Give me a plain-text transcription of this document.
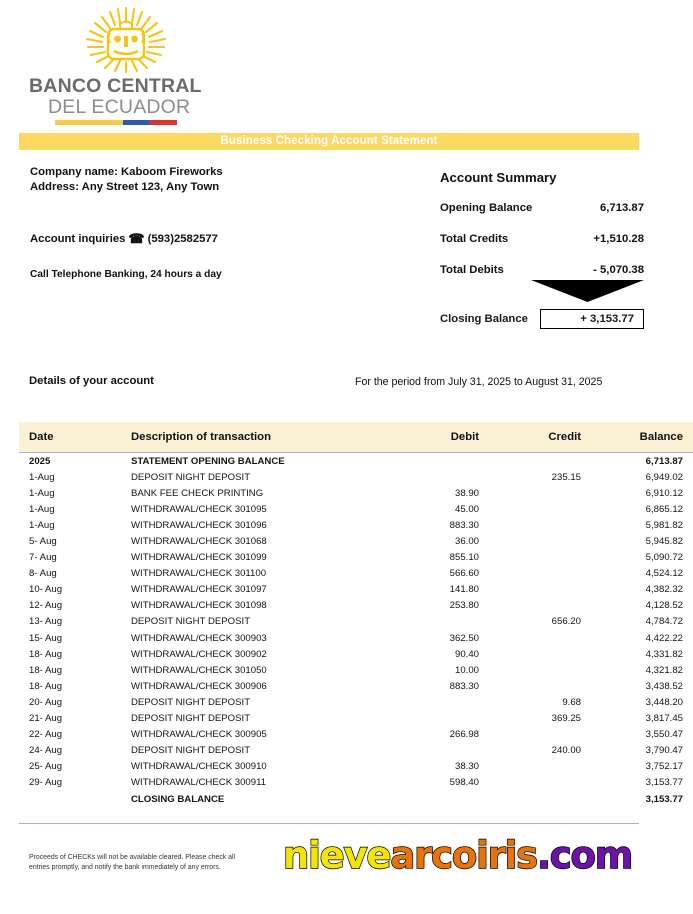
BANCO CENTRAL
DEL ECUADOR
Business Checking Account Statement
Company name: Kaboom Fireworks
Address: Any Street 123, Any Town
Account inquiries ☎ (593)2582577
Call Telephone Banking, 24 hours a day
Account Summary
Opening Balance	6,713.87
Total Credits	+1,510.28
Total Debits	- 5,070.38
Closing Balance	+ 3,153.77
Details of your account	For the period from July 31, 2025 to August 31, 2025
Date	Description of transaction	Debit	Credit	Balance
2025	STATEMENT OPENING BALANCE			6,713.87
1-Aug	DEPOSIT NIGHT DEPOSIT		235.15	6,949.02
1-Aug	BANK FEE CHECK PRINTING	38.90		6,910.12
1-Aug	WITHDRAWAL/CHECK 301095	45.00		6,865.12
1-Aug	WITHDRAWAL/CHECK 301096	883.30		5,981.82
5- Aug	WITHDRAWAL/CHECK 301068	36.00		5,945.82
7- Aug	WITHDRAWAL/CHECK 301099	855.10		5,090.72
8- Aug	WITHDRAWAL/CHECK 301100	566.60		4,524.12
10- Aug	WITHDRAWAL/CHECK 301097	141.80		4,382.32
12- Aug	WITHDRAWAL/CHECK 301098	253.80		4,128.52
13- Aug	DEPOSIT NIGHT DEPOSIT		656.20	4,784.72
15- Aug	WITHDRAWAL/CHECK 300903	362.50		4,422.22
18- Aug	WITHDRAWAL/CHECK 300902	90.40		4,331.82
18- Aug	WITHDRAWAL/CHECK 301050	10.00		4,321.82
18- Aug	WITHDRAWAL/CHECK 300906	883.30		3,438.52
20- Aug	DEPOSIT NIGHT DEPOSIT		9.68	3,448.20
21- Aug	DEPOSIT NIGHT DEPOSIT		369.25	3,817.45
22- Aug	WITHDRAWAL/CHECK 300905	266.98		3,550.47
24- Aug	DEPOSIT NIGHT DEPOSIT		240.00	3,790.47
25- Aug	WITHDRAWAL/CHECK 300910	38.30		3,752.17
29- Aug	WITHDRAWAL/CHECK 300911	598.40		3,153.77
	CLOSING BALANCE			3,153.77
Proceeds of CHECKs will not be available cleared. Please check all entries promptly, and notify the bank immediately of any errors.	nievearcoiris.com
